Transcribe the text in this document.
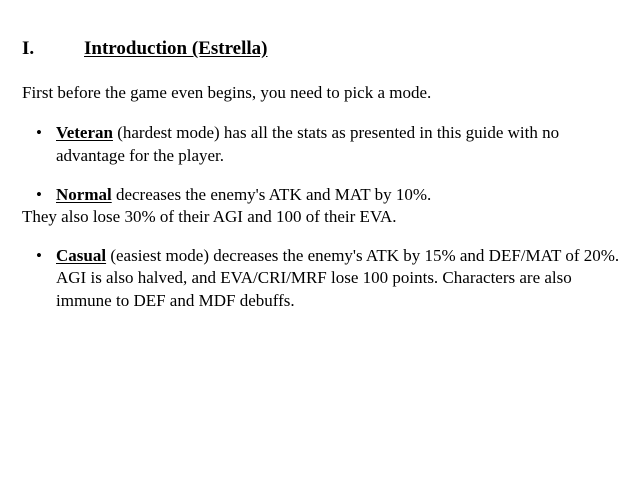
I.	Introduction (Estrella)

First before the game even begins, you need to pick a mode.

• Veteran (hardest mode) has all the stats as presented in this guide with no advantage for the player.
• Normal decreases the enemy's ATK and MAT by 10%.
They also lose 30% of their AGI and 100 of their EVA.
• Casual (easiest mode) decreases the enemy's ATK by 15% and DEF/MAT of 20%. AGI is also halved, and EVA/CRI/MRF lose 100 points. Characters are also immune to DEF and MDF debuffs.
